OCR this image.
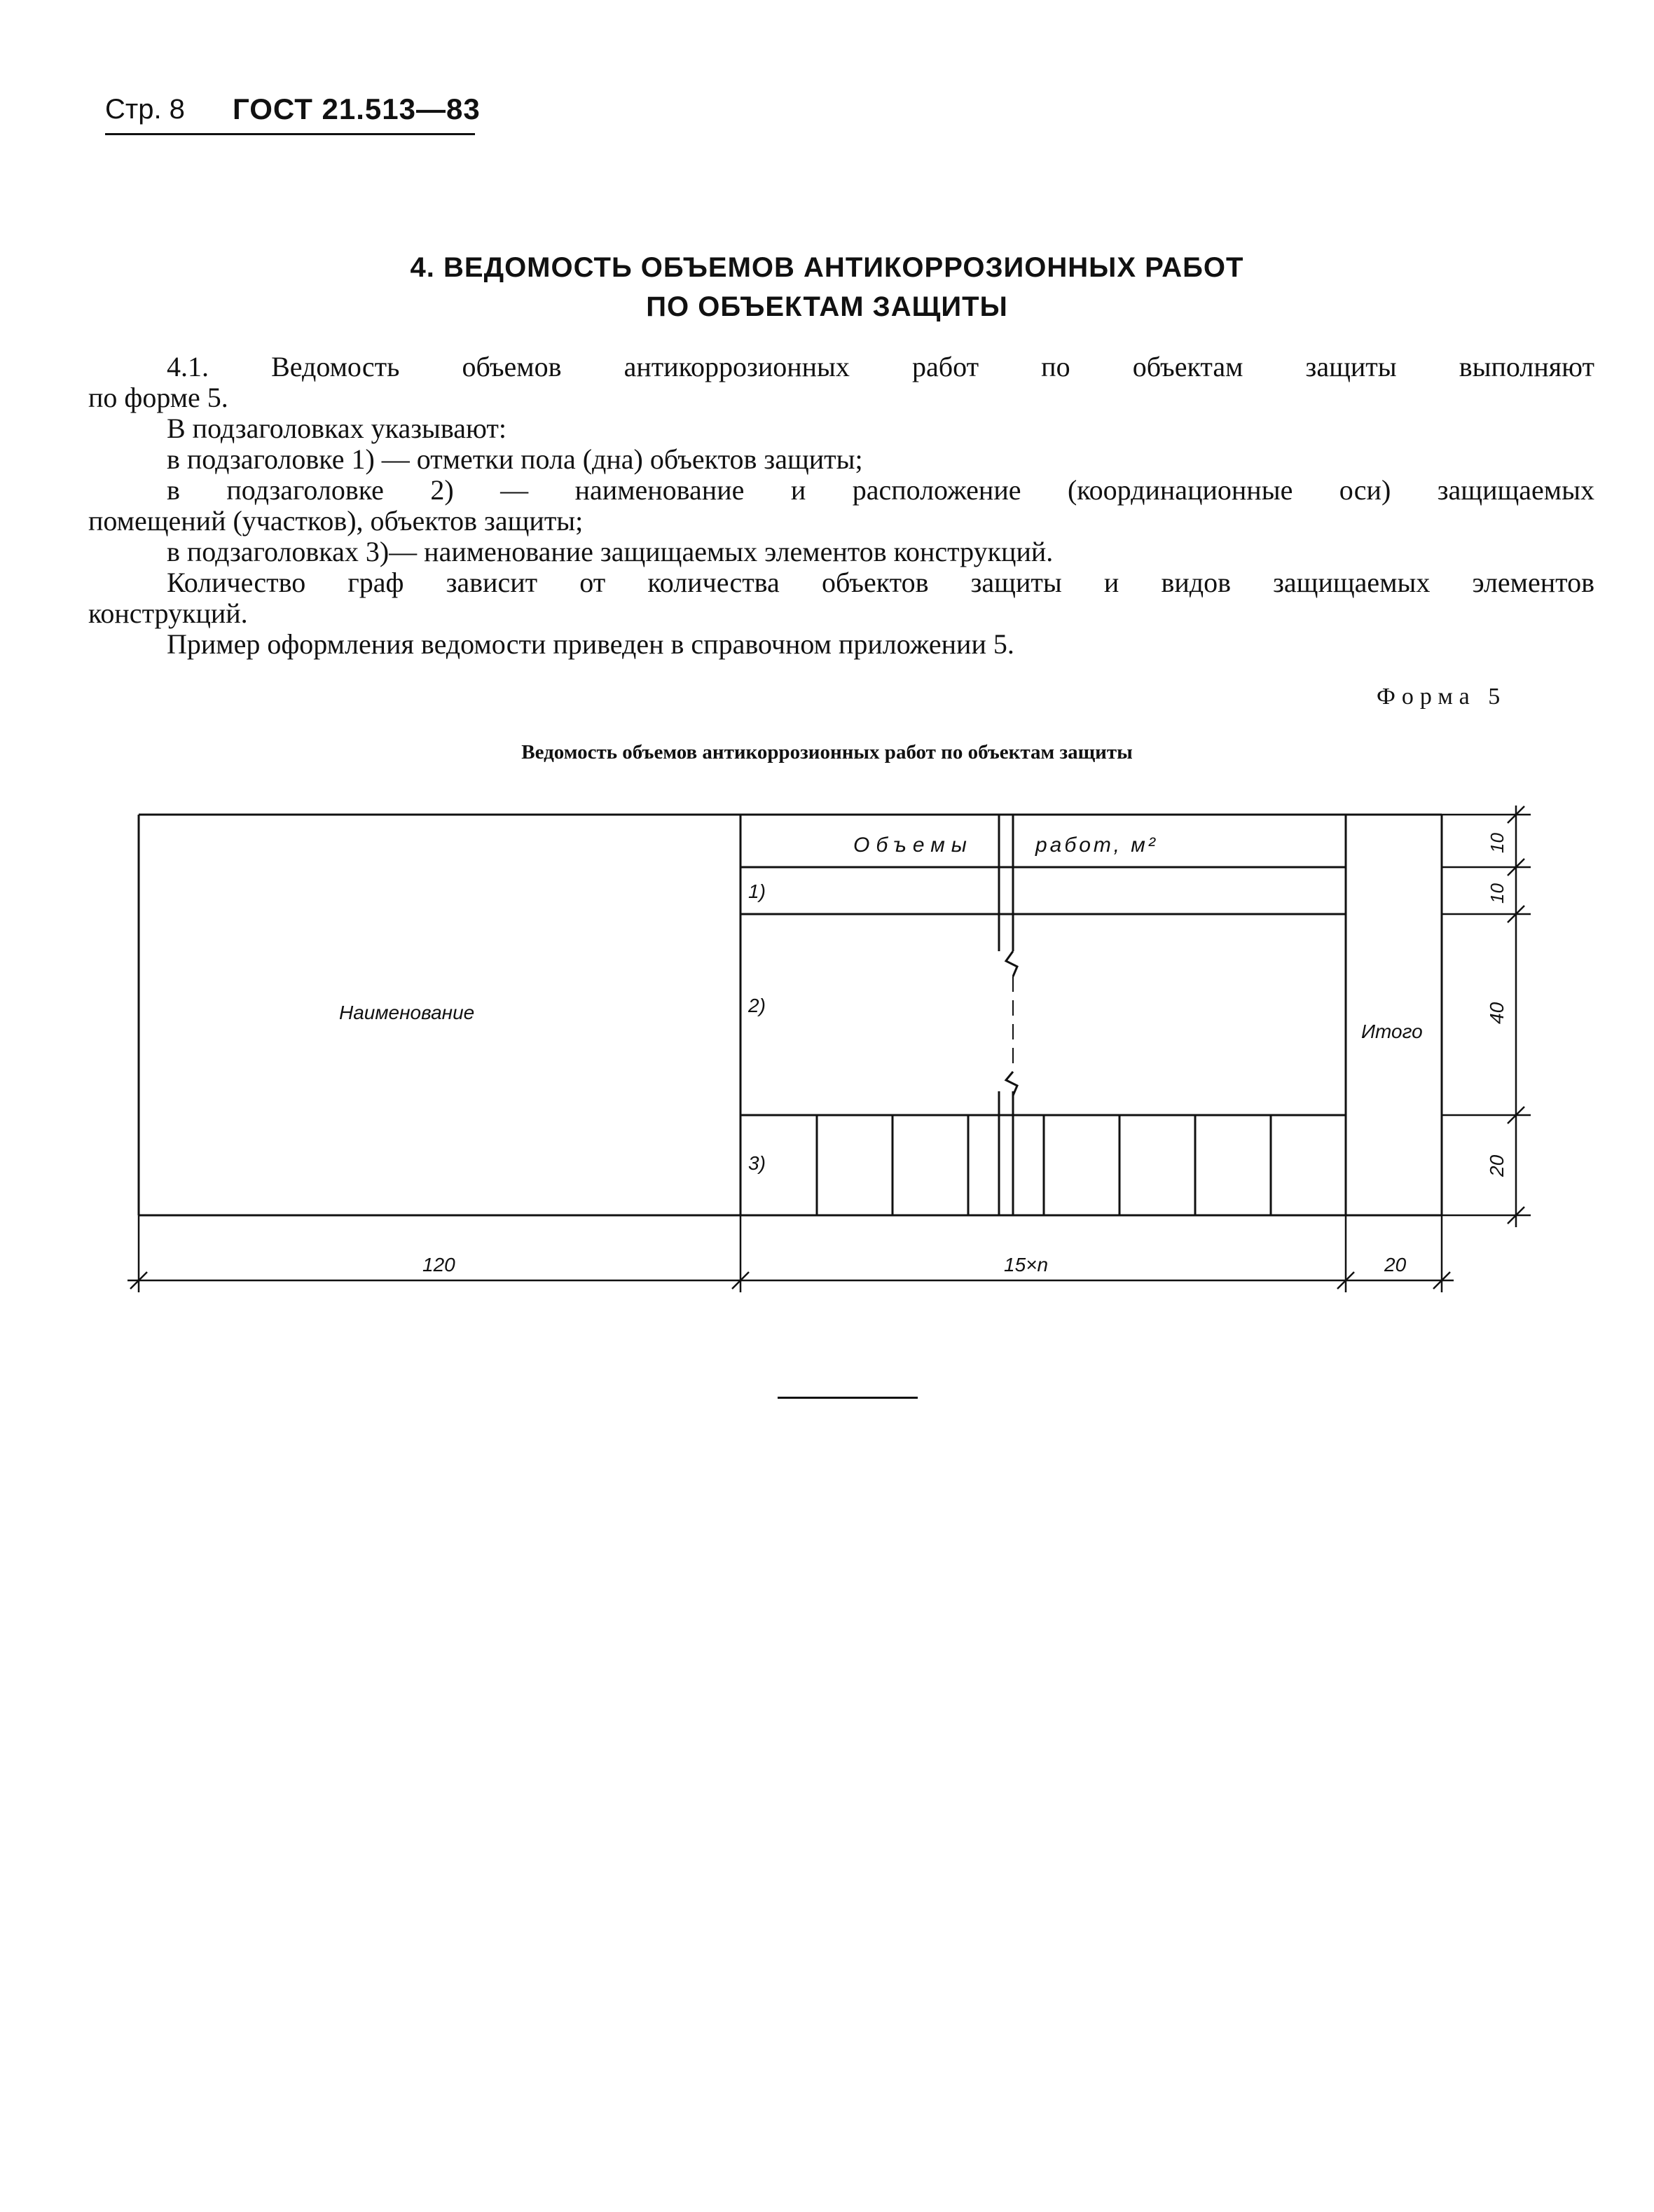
Стр. 8 ГОСТ 21.513—83
4. ВЕДОМОСТЬ ОБЪЕМОВ АНТИКОРРОЗИОННЫХ РАБОТ
ПО ОБЪЕКТАМ ЗАЩИТЫ

4.1. Ведомость объемов антикоррозионных работ по объектам защиты выполняют

по форме 5.

В подзаголовках указывают:

в подзаголовке 1) — отметки пола (дна) объектов защиты;

в подзаголовке 2) — наименование и расположение (координационные оси) защищаемых

помещений (участков), объектов защиты;

в подзаголовках 3)— наименование защищаемых элементов конструкций.

Количество граф зависит от количества объектов защиты и видов защищаемых элементов

конструкций.

Пример оформления ведомости приведен в справочном приложении 5.

Форма 5
Ведомость объемов антикоррозионных работ по объектам защиты
Объемы	работ, м²
1)
2)
3)
Наименование
Итого
120	15×n	20
10
10
40
20
